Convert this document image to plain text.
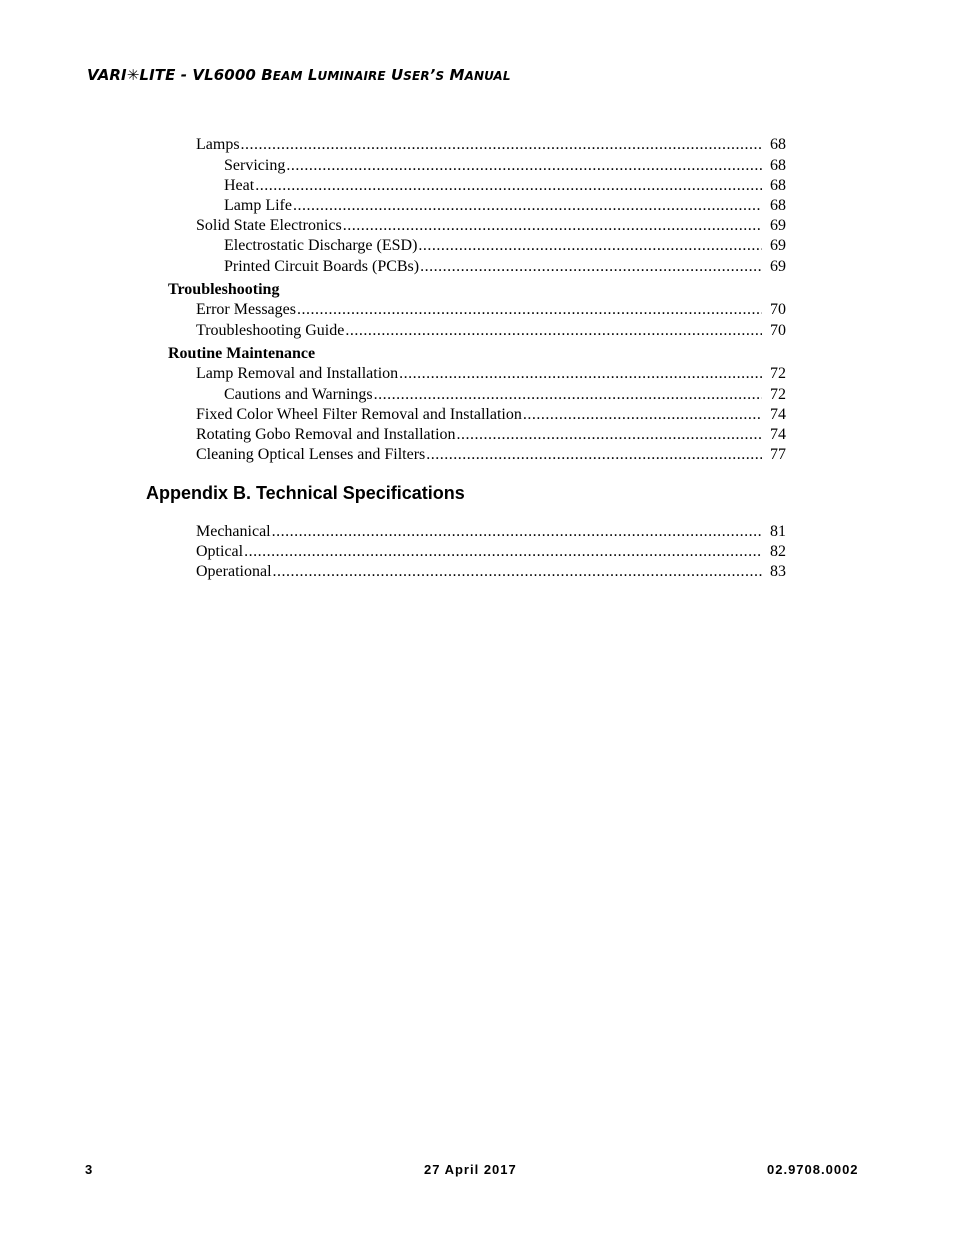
VARI✳LITE - VL6000 BEAM LUMINAIRE USER’S MANUAL
Lamps .....	68
Servicing .....	68
Heat .....	68
Lamp Life .....	68
Solid State Electronics .....	69
Electrostatic Discharge (ESD) .....	69
Printed Circuit Boards (PCBs) .....	69
Troubleshooting
Error Messages .....	70
Troubleshooting Guide .....	70
Routine Maintenance
Lamp Removal and Installation .....	72
Cautions and Warnings .....	72
Fixed Color Wheel Filter Removal and Installation .....	74
Rotating Gobo Removal and Installation .....	74
Cleaning Optical Lenses and Filters .....	77
Appendix B. Technical Specifications
Mechanical .....	81
Optical .....	82
Operational .....	83
3	27 April 2017	02.9708.0002
